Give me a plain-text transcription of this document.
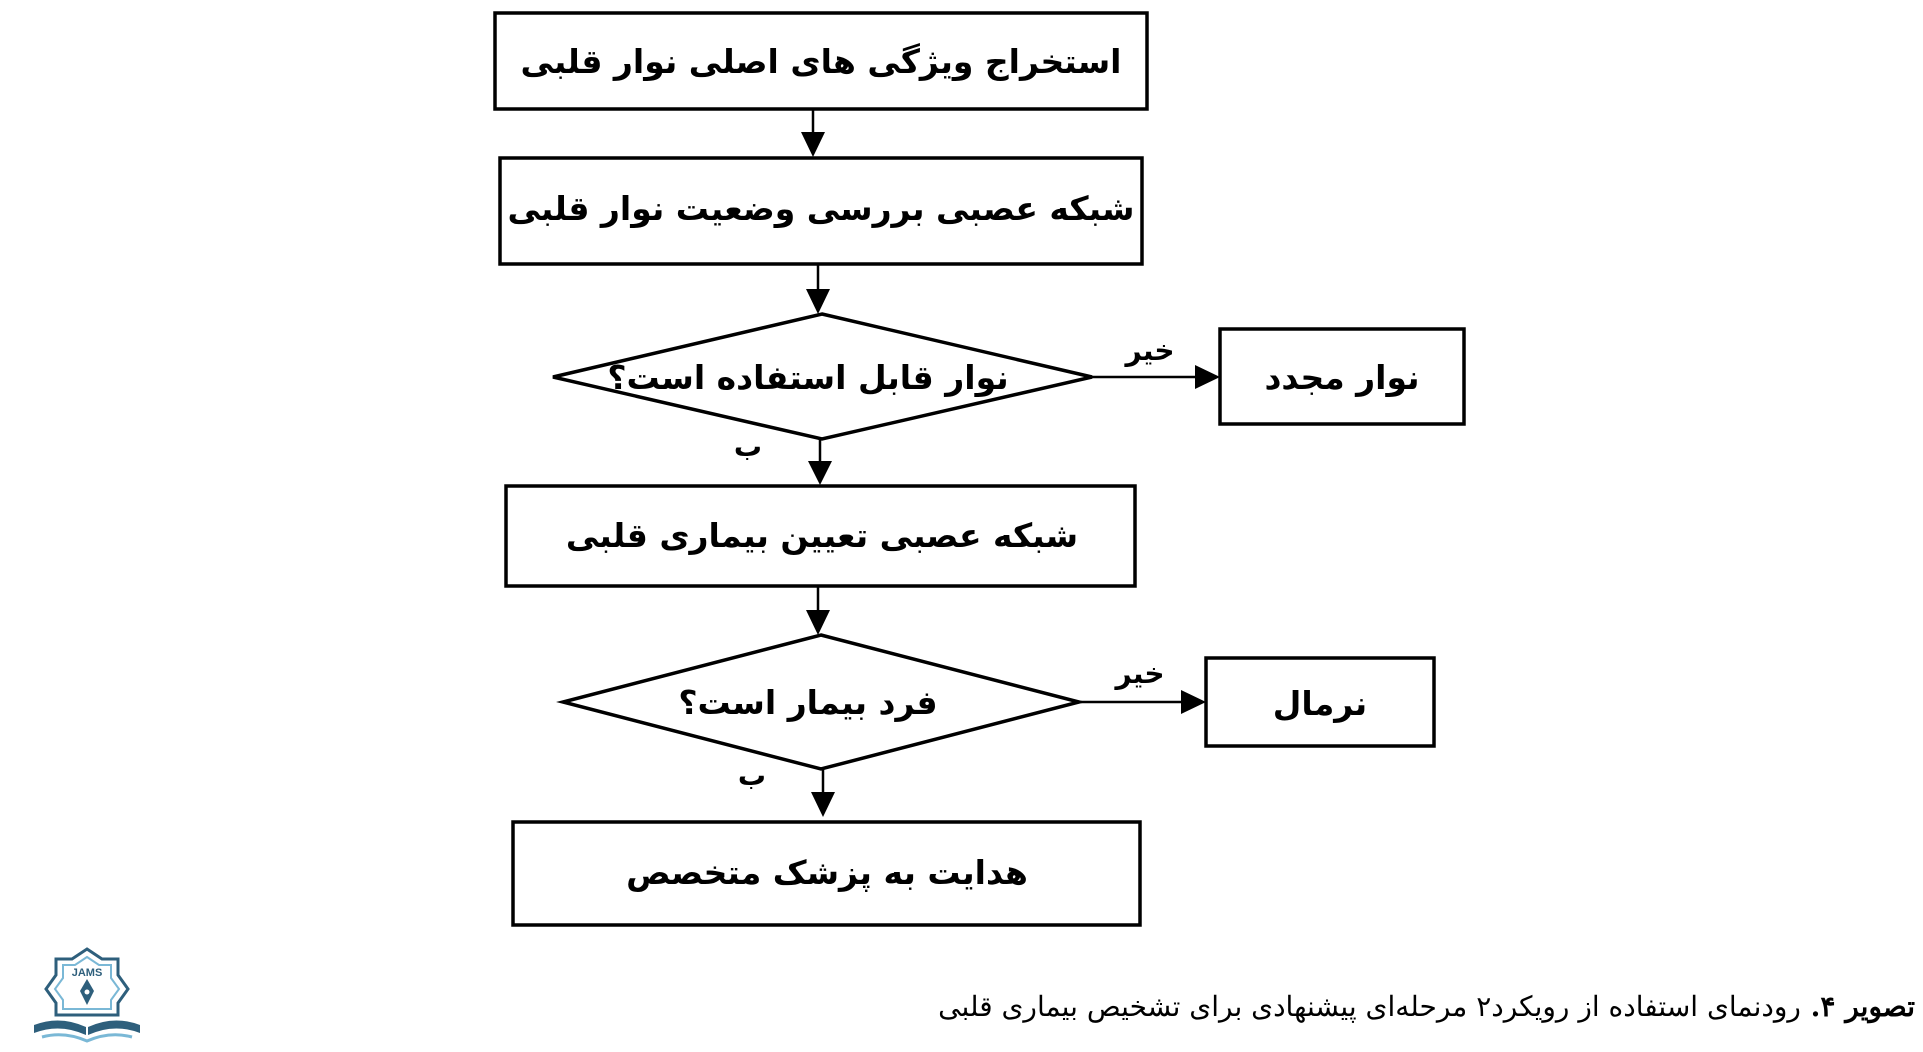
استخراج ویژگی های اصلی نوار قلبی
شبکه عصبی بررسی وضعیت نوار قلبی
نوار قابل استفاده است؟
خیر
نوار مجدد
ب
شبکه عصبی تعیین بیماری قلبی
فرد بیمار است؟
خیر
نرمال
ب
هدایت به پزشک متخصص
JAMS
تصویر ۴. رودنمای استفاده از رویکرد۲ مرحله‌ای پیشنهادی برای تشخیص بیماری قلبی
